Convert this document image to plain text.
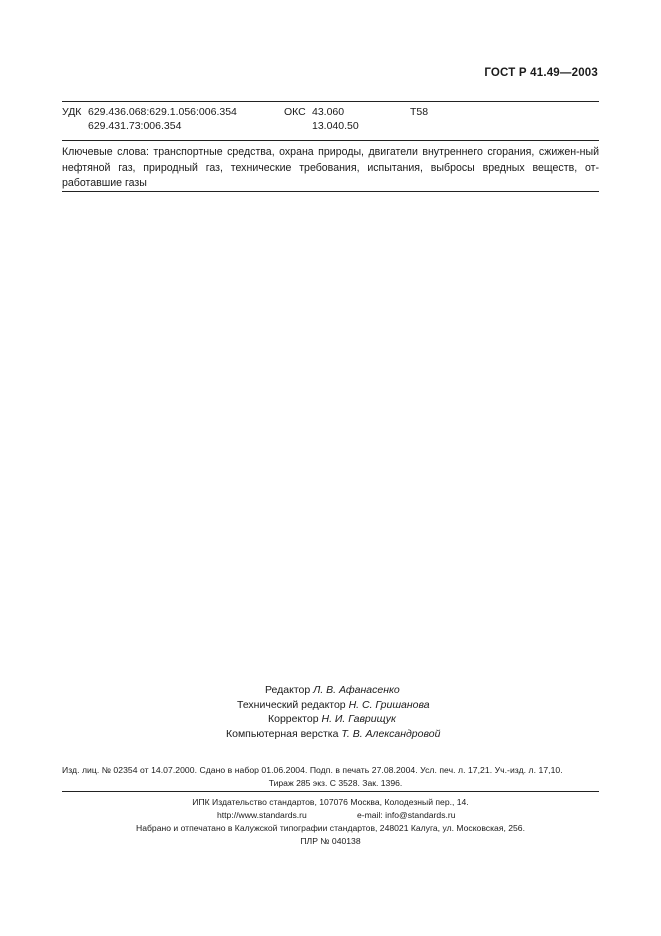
ГОСТ Р 41.49—2003
УДК 629.436.068:629.1.056:006.354
629.431.73:006.354
ОКС 43.060
13.040.50
Т58
Ключевые слова: транспортные средства, охрана природы, двигатели внутреннего сгорания, сжижен-ный нефтяной газ, природный газ, технические требования, испытания, выбросы вредных веществ, от-работавшие газы
Редактор Л. В. Афанасенко
Технический редактор Н. С. Гришанова
Корректор Н. И. Гаврищук
Компьютерная верстка Т. В. Александровой
Изд. лиц. № 02354 от 14.07.2000. Сдано в набор 01.06.2004. Подп. в печать 27.08.2004. Усл. печ. л. 17,21. Уч.-изд. л. 17,10.
Тираж 285 экз. С 3528. Зак. 1396.
ИПК Издательство стандартов, 107076 Москва, Колодезный пер., 14.
http://www.standards.ru	e-mail: info@standards.ru
Набрано и отпечатано в Калужской типографии стандартов, 248021 Калуга, ул. Московская, 256.
ПЛР № 040138
